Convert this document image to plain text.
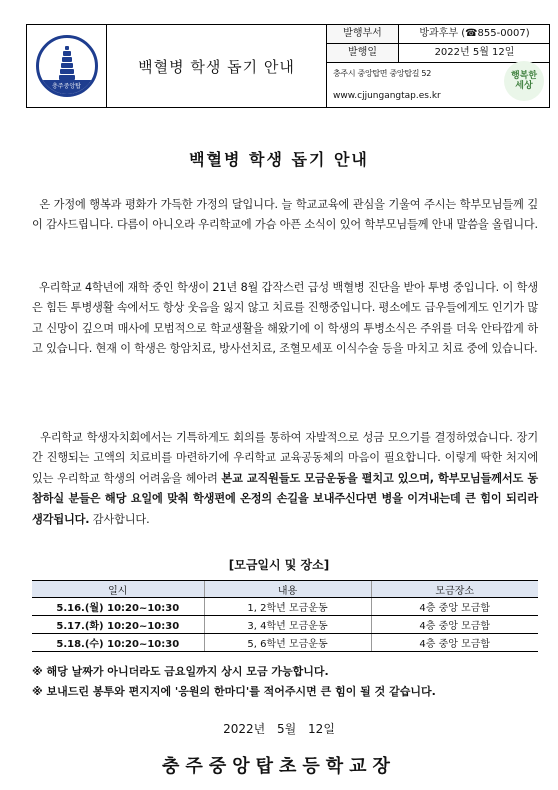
충주중앙탑
백혈병 학생 돕기 안내
발행부서	방과후부 (☎855-0007)
발행일	2022년 5월 12일
충주시 중앙탑면 중앙탑길 52
www.cjjungangtap.es.kr
행복한 세상
백혈병 학생 돕기 안내

온 가정에 행복과 평화가 가득한 가정의 달입니다. 늘 학교교육에 관심을 기울여 주시는 학부모님들께 깊이 감사드립니다. 다름이 아니오라 우리학교에 가슴 아픈 소식이 있어 학부모님들께 안내 말씀을 올립니다.

우리학교 4학년에 재학 중인 학생이 21년 8월 갑작스런 급성 백혈병 진단을 받아 투병 중입니다. 이 학생은 힘든 투병생활 속에서도 항상 웃음을 잃지 않고 치료를 진행중입니다. 평소에도 급우들에게도 인기가 많고 신망이 깊으며 매사에 모범적으로 학교생활을 해왔기에 이 학생의 투병소식은 주위를 더욱 안타깝게 하고 있습니다. 현재 이 학생은 항암치료, 방사선치료, 조혈모세포 이식수술 등을 마치고 치료 중에 있습니다.

우리학교 학생자치회에서는 기특하게도 회의를 통하여 자발적으로 성금 모으기를 결정하였습니다. 장기간 진행되는 고액의 치료비를 마련하기에 우리학교 교육공동체의 마음이 필요합니다. 이렇게 딱한 처지에 있는 우리학교 학생의 어려움을 헤아려 본교 교직원들도 모금운동을 펼치고 있으며, 학부모님들께서도 동참하실 분들은 해당 요일에 맞춰 학생편에 온정의 손길을 보내주신다면 병을 이겨내는데 큰 힘이 되리라 생각됩니다. 감사합니다.

[모금일시 및 장소]
일시	내용	모금장소
5.16.(월) 10:20~10:30	1, 2학년 모금운동	4층 중앙 모금함
5.17.(화) 10:20~10:30	3, 4학년 모금운동	4층 중앙 모금함
5.18.(수) 10:20~10:30	5, 6학년 모금운동	4층 중앙 모금함
※ 해당 날짜가 아니더라도 금요일까지 상시 모금 가능합니다.
※ 보내드린 봉투와 편지지에 '응원의 한마디'를 적어주시면 큰 힘이 될 것 같습니다.
2022년 5월 12일
충주중앙탑초등학교장
